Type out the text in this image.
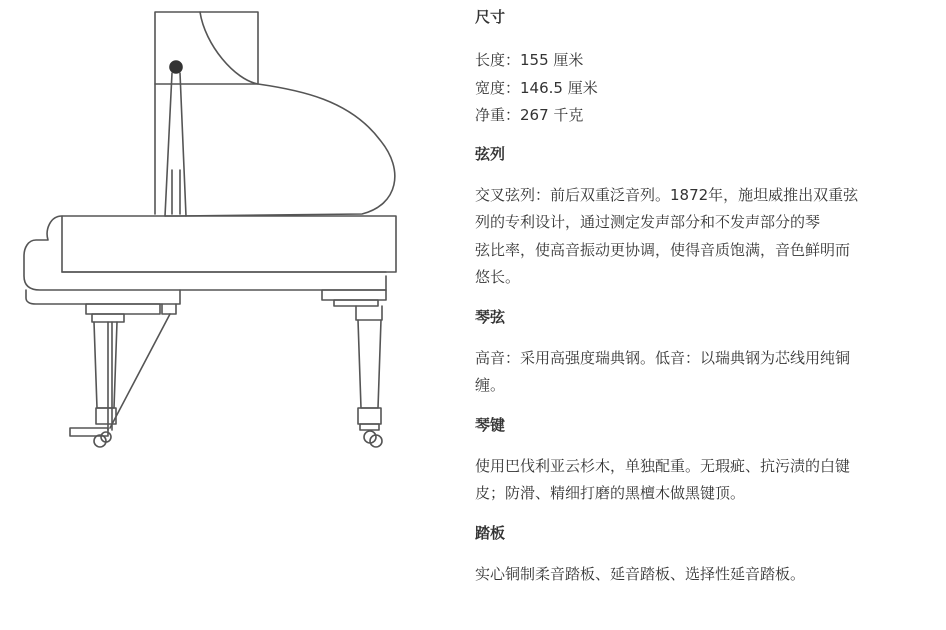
尺寸

长度：155 厘米

宽度：146.5 厘米

净重：267 千克

弦列

交叉弦列：前后双重泛音列。1872年，施坦威推出双重弦

列的专利设计，通过测定发声部分和不发声部分的琴

弦比率，使高音振动更协调，使得音质饱满，音色鲜明而

悠长。

琴弦

高音：采用高强度瑞典钢。低音：以瑞典钢为芯线用纯铜

缠。

琴键

使用巴伐利亚云杉木，单独配重。无瑕疵、抗污渍的白键

皮；防滑、精细打磨的黑檀木做黑键顶。

踏板

实心铜制柔音踏板、延音踏板、选择性延音踏板。
